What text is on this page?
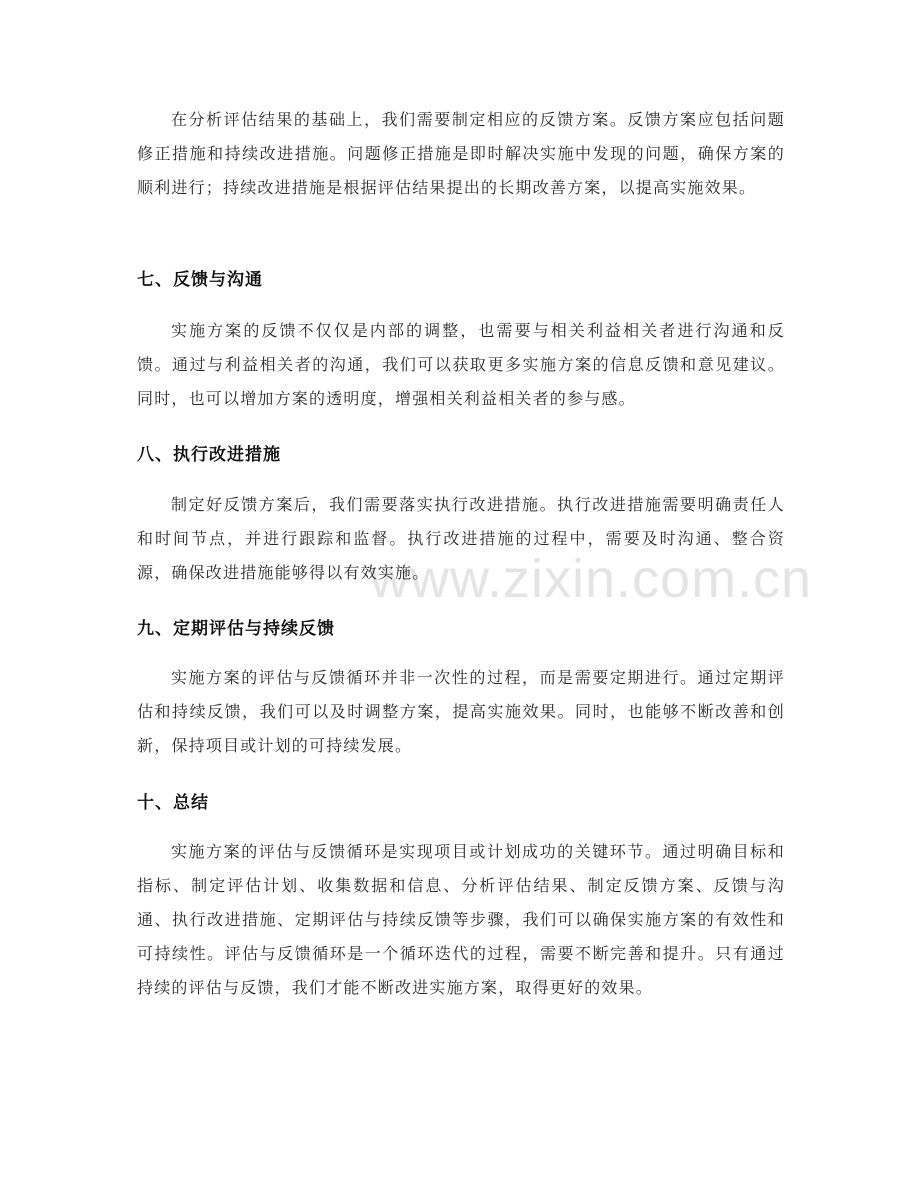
www.zixin.com.cn

在分析评估结果的基础上，我们需要制定相应的反馈方案。反馈方案应包括问题修正措施和持续改进措施。问题修正措施是即时解决实施中发现的问题，确保方案的顺利进行；持续改进措施是根据评估结果提出的长期改善方案，以提高实施效果。

七、反馈与沟通

实施方案的反馈不仅仅是内部的调整，也需要与相关利益相关者进行沟通和反馈。通过与利益相关者的沟通，我们可以获取更多实施方案的信息反馈和意见建议。同时，也可以增加方案的透明度，增强相关利益相关者的参与感。

八、执行改进措施

制定好反馈方案后，我们需要落实执行改进措施。执行改进措施需要明确责任人和时间节点，并进行跟踪和监督。执行改进措施的过程中，需要及时沟通、整合资源，确保改进措施能够得以有效实施。

九、定期评估与持续反馈

实施方案的评估与反馈循环并非一次性的过程，而是需要定期进行。通过定期评估和持续反馈，我们可以及时调整方案，提高实施效果。同时，也能够不断改善和创新，保持项目或计划的可持续发展。

十、总结

实施方案的评估与反馈循环是实现项目或计划成功的关键环节。通过明确目标和指标、制定评估计划、收集数据和信息、分析评估结果、制定反馈方案、反馈与沟通、执行改进措施、定期评估与持续反馈等步骤，我们可以确保实施方案的有效性和可持续性。评估与反馈循环是一个循环迭代的过程，需要不断完善和提升。只有通过持续的评估与反馈，我们才能不断改进实施方案，取得更好的效果。
